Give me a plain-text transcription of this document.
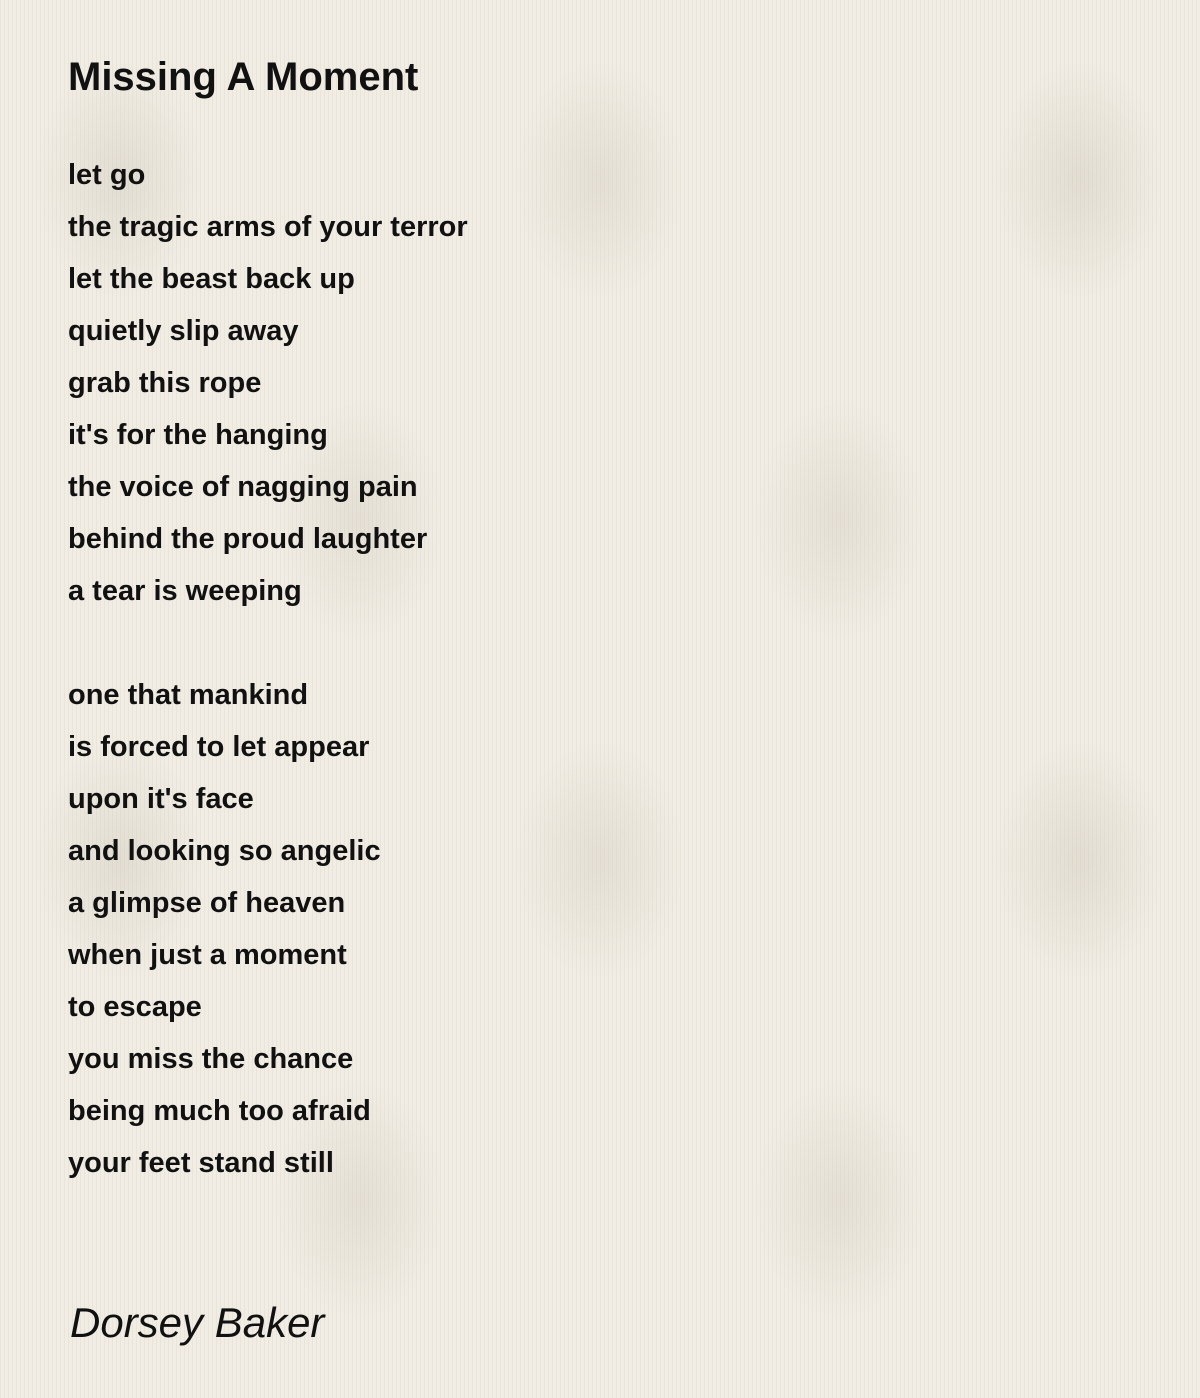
Missing A Moment
let go
the tragic arms of your terror
let the beast back up
quietly slip away
grab this rope
it's for the hanging
the voice of nagging pain
behind the proud laughter
a tear is weeping
one that mankind
is forced to let appear
upon it's face
and looking so angelic
a glimpse of heaven
when just a moment
to escape
you miss the chance
being much too afraid
your feet stand still

Dorsey Baker
